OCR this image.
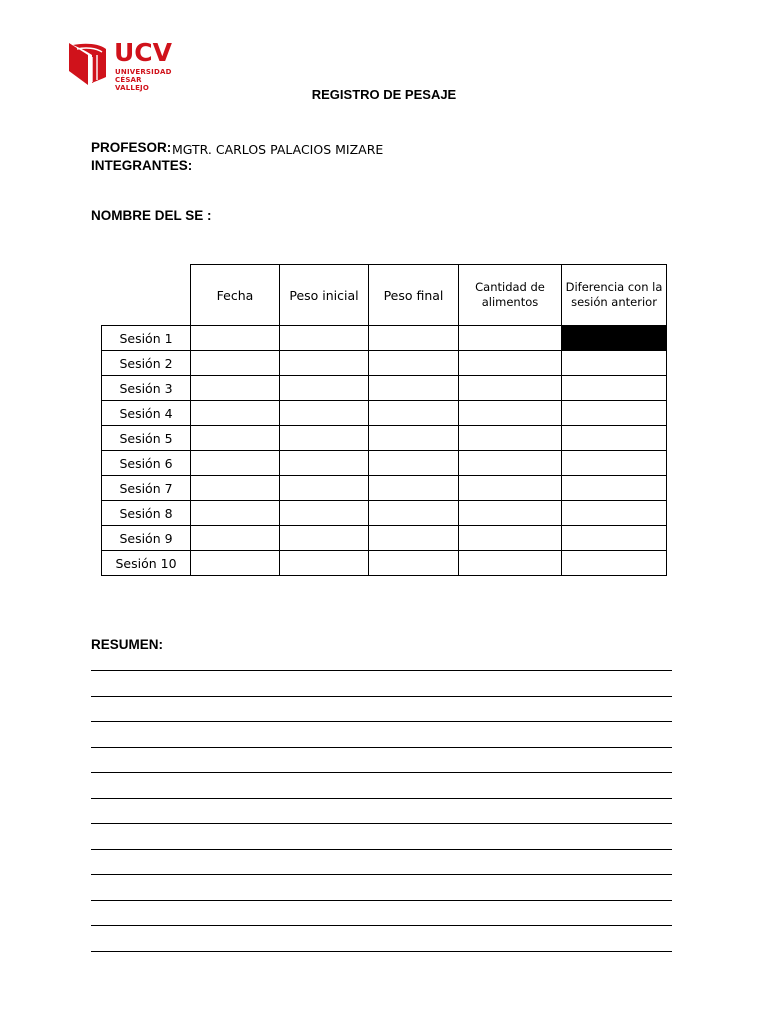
UCV
UNIVERSIDAD
CÉSAR VALLEJO	REGISTRO DE PESAJE
PROFESOR: MGTR. CARLOS PALACIOS MIZARE
INTEGRANTES:
NOMBRE DEL SE :
	Fecha	Peso inicial	Peso final	Cantidad de alimentos	Diferencia con la sesión anterior
Sesión 1					
Sesión 2					
Sesión 3					
Sesión 4					
Sesión 5					
Sesión 6					
Sesión 7					
Sesión 8					
Sesión 9					
Sesión 10					
RESUMEN:
